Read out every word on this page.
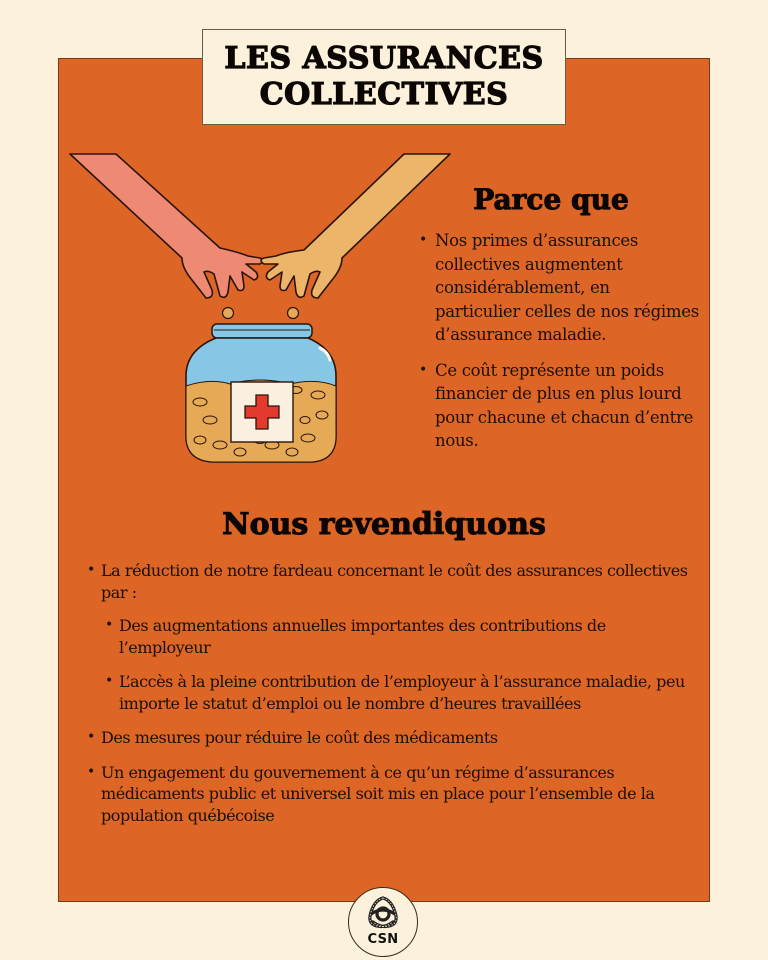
LES ASSURANCES
COLLECTIVES
Parce que
• Nos primes d’assurances collectives augmentent considérablement, en particulier celles de nos régimes d’assurance maladie.
• Ce coût représente un poids financier de plus en plus lourd pour chacune et chacun d’entre nous.
Nous revendiquons
• La réduction de notre fardeau concernant le coût des assurances collectives par :
• Des augmentations annuelles importantes des contributions de l’employeur
• L’accès à la pleine contribution de l’employeur à l’assurance maladie, peu importe le statut d’emploi ou le nombre d’heures travaillées
• Des mesures pour réduire le coût des médicaments
• Un engagement du gouvernement à ce qu’un régime d’assurances médicaments public et universel soit mis en place pour l’ensemble de la population québécoise
CSN
